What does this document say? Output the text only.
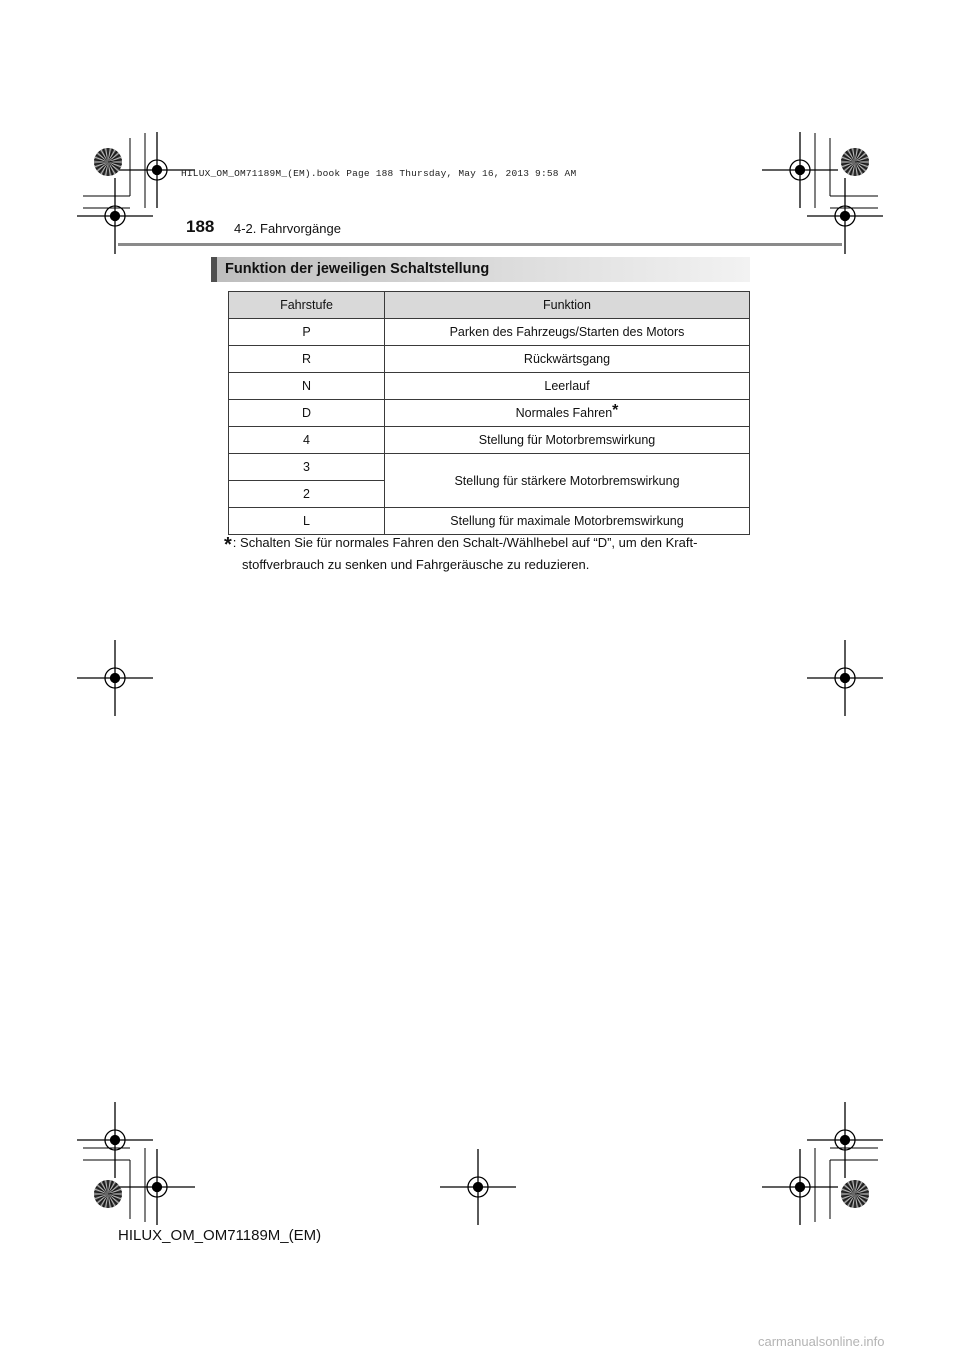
HILUX_OM_OM71189M_(EM).book Page 188 Thursday, May 16, 2013 9:58 AM
188 4-2. Fahrvorgänge
Funktion der jeweiligen Schaltstellung
Fahrstufe	Funktion
P	Parken des Fahrzeugs/Starten des Motors
R	Rückwärtsgang
N	Leerlauf
D	Normales Fahren*
4	Stellung für Motorbremswirkung
3	Stellung für stärkere Motorbremswirkung
2	
L	Stellung für maximale Motorbremswirkung
*: Schalten Sie für normales Fahren den Schalt-/Wählhebel auf “D”, um den Kraft-
stoffverbrauch zu senken und Fahrgeräusche zu reduzieren.
HILUX_OM_OM71189M_(EM)
carmanualsonline.info
